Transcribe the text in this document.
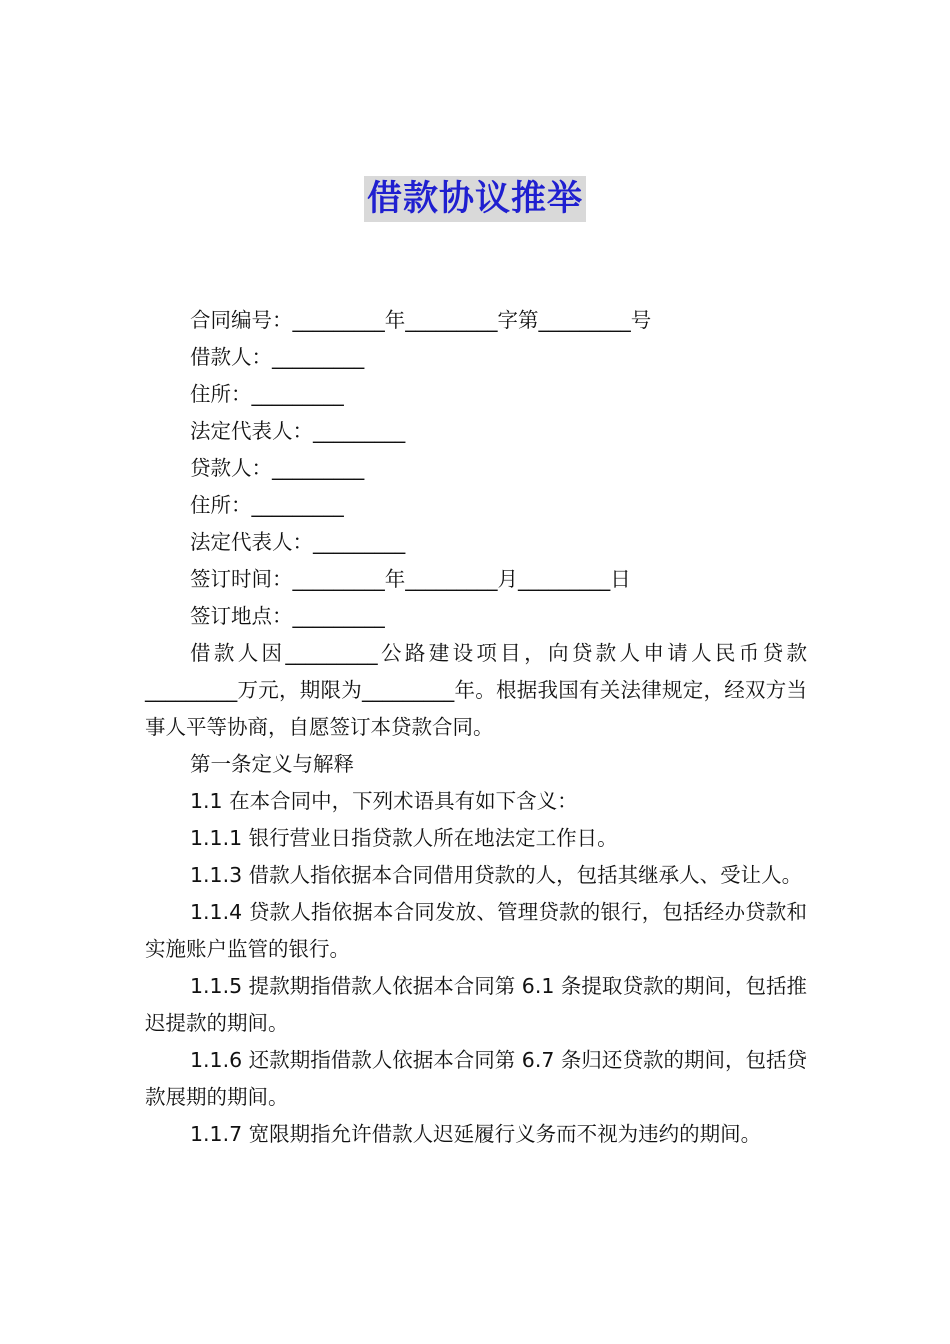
借款协议推举

合同编号：_________年_________字第_________号

借款人：_________

住所：_________

法定代表人：_________

贷款人：_________

住所：_________

法定代表人：_________

签订时间：_________年_________月_________日

签订地点：_________

借款人因_________公路建设项目，向贷款人申请人民币贷款_________万元，期限为_________年。根据我国有关法律规定，经双方当事人平等协商，自愿签订本贷款合同。

第一条定义与解释

1.1 在本合同中，下列术语具有如下含义：

1.1.1 银行营业日指贷款人所在地法定工作日。

1.1.3 借款人指依据本合同借用贷款的人，包括其继承人、受让人。

1.1.4 贷款人指依据本合同发放、管理贷款的银行，包括经办贷款和实施账户监管的银行。

1.1.5 提款期指借款人依据本合同第 6.1 条提取贷款的期间，包括推迟提款的期间。

1.1.6 还款期指借款人依据本合同第 6.7 条归还贷款的期间，包括贷款展期的期间。

1.1.7 宽限期指允许借款人迟延履行义务而不视为违约的期间。
